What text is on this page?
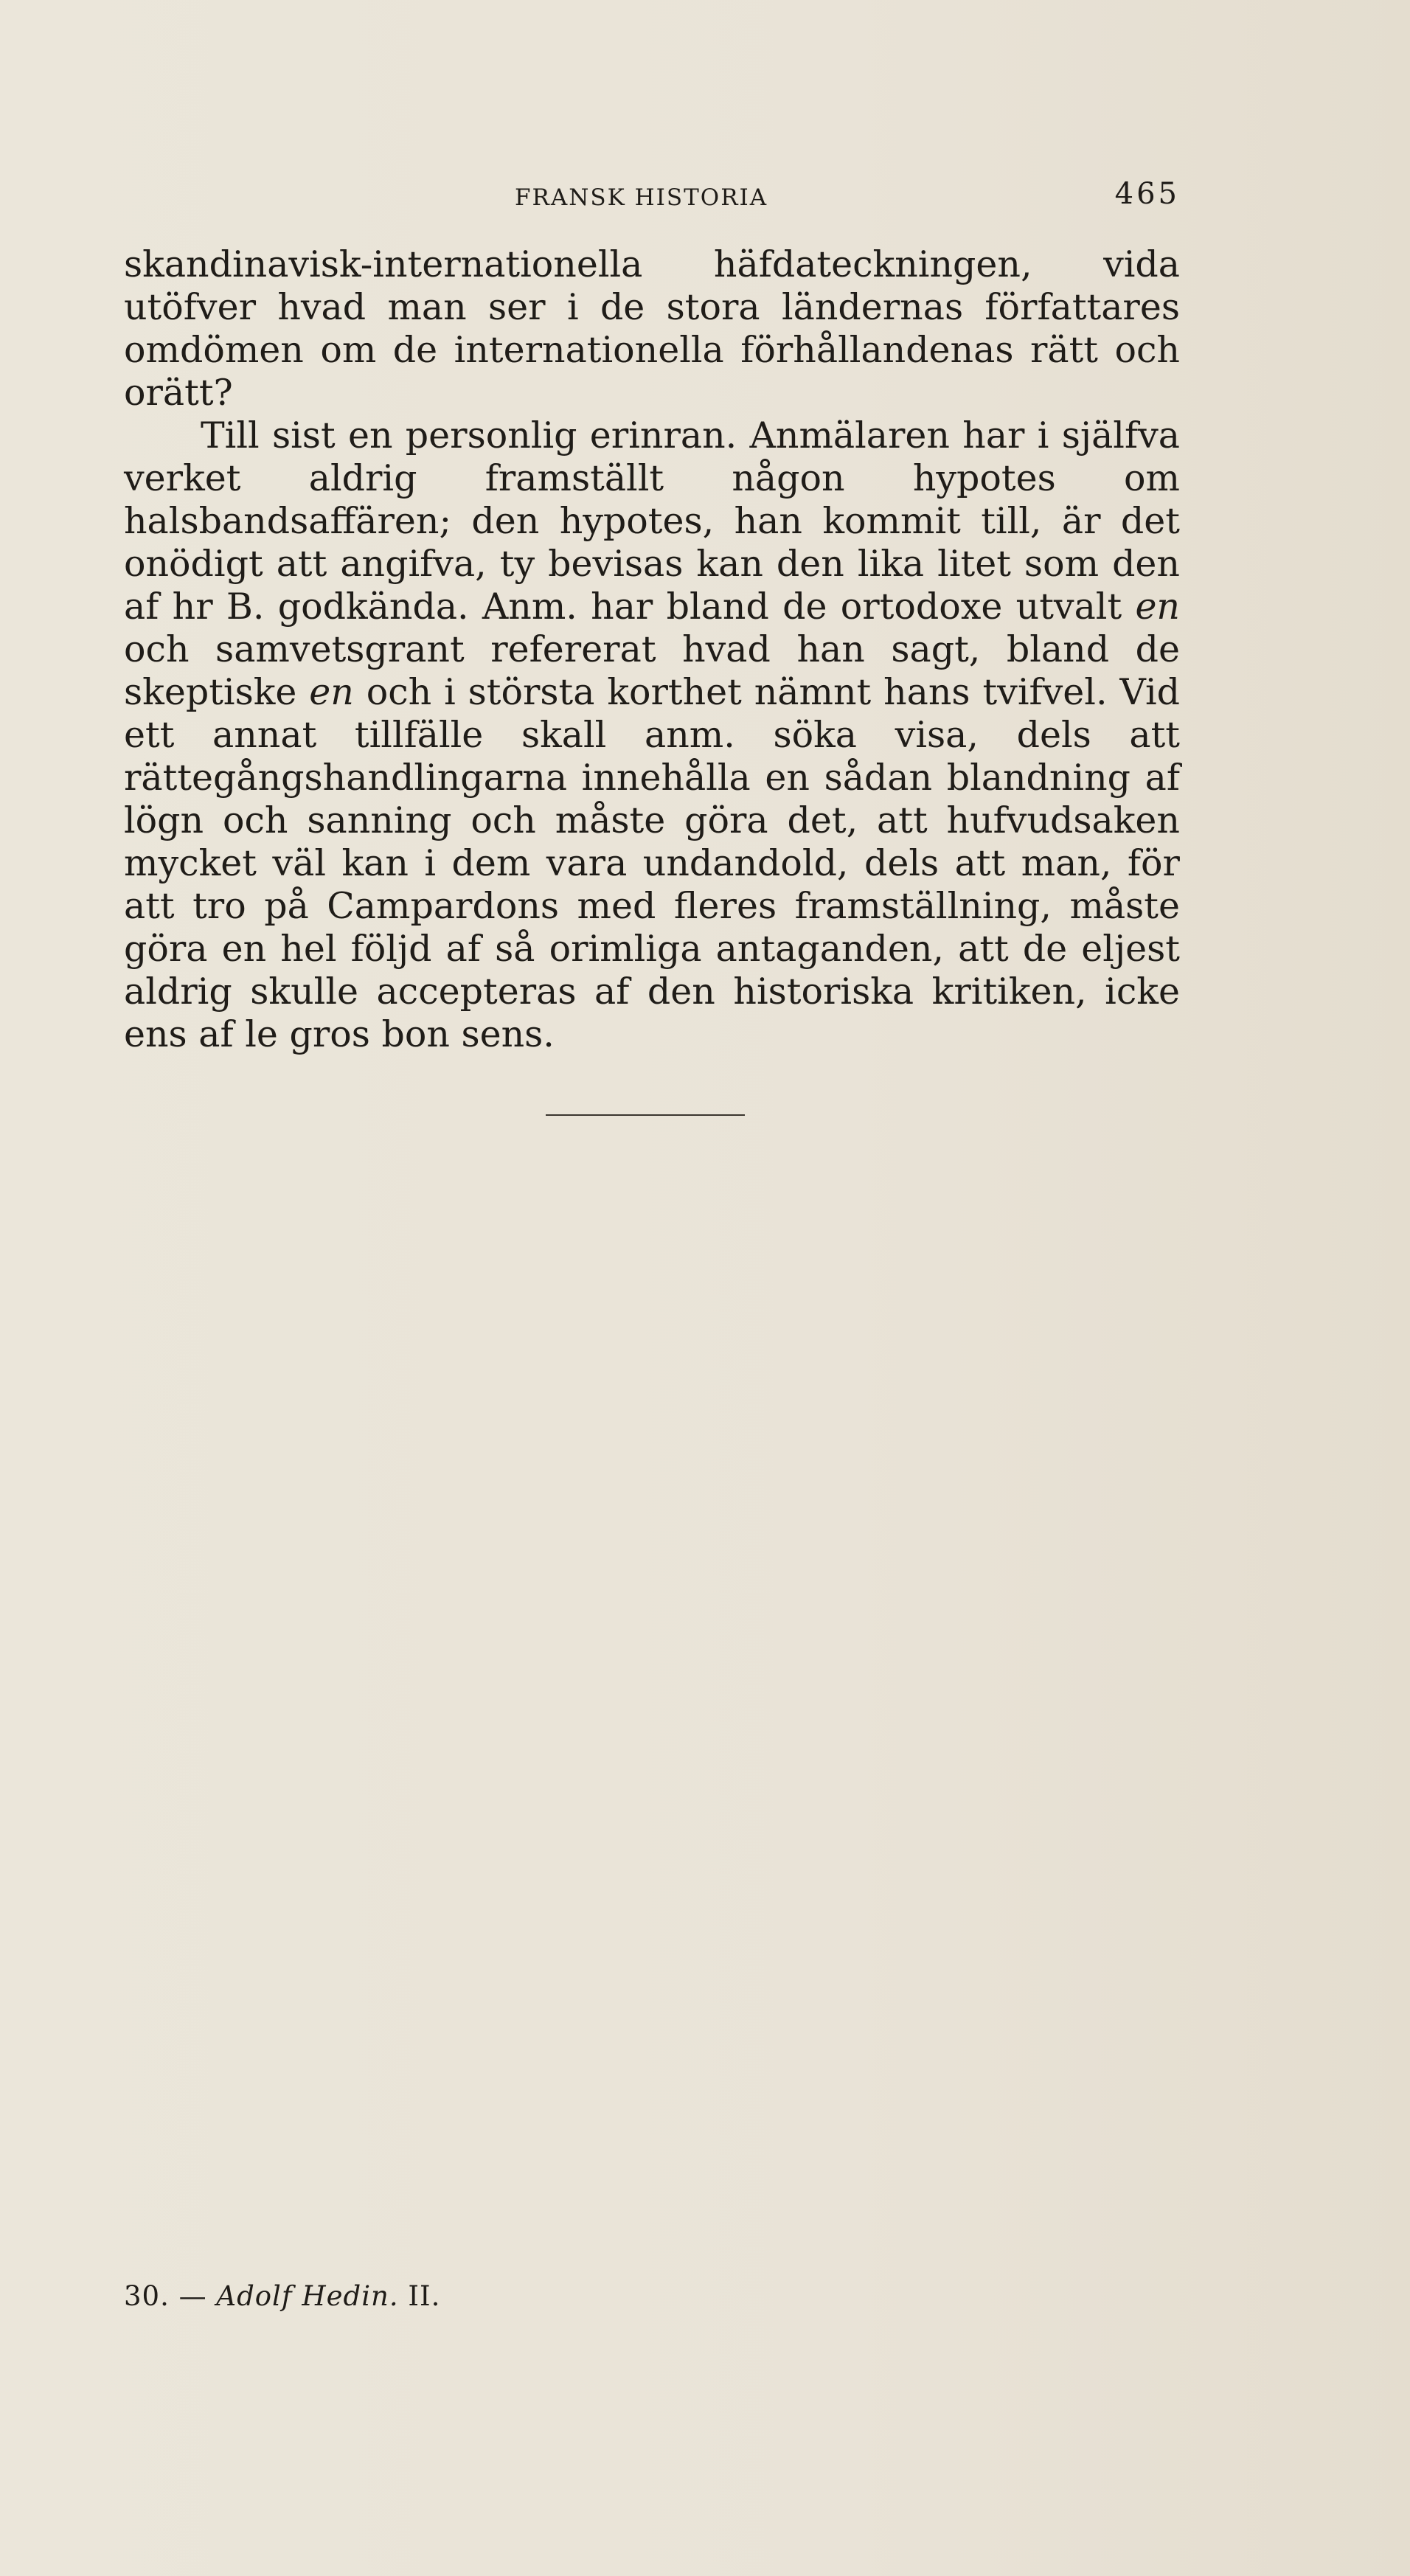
FRANSK HISTORIA	465

skandinavisk-internationella häfdateckningen, vida utöfver hvad man ser i de stora ländernas författares omdömen om de internationella förhållandenas rätt och orätt?

Till sist en personlig erinran. Anmälaren har i själfva verket aldrig framställt någon hypotes om halsbandsaffären; den hypotes, han kommit till, är det onödigt att angifva, ty bevisas kan den lika litet som den af hr B. godkända. Anm. har bland de ortodoxe utvalt en och samvetsgrant refererat hvad han sagt, bland de skeptiske en och i största korthet nämnt hans tvifvel. Vid ett annat tillfälle skall anm. söka visa, dels att rättegångshandlingarna innehålla en sådan blandning af lögn och sanning och måste göra det, att hufvudsaken mycket väl kan i dem vara undandold, dels att man, för att tro på Campardons med fleres framställning, måste göra en hel följd af så orimliga antaganden, att de eljest aldrig skulle accepteras af den historiska kritiken, icke ens af le gros bon sens.

30. — Adolf Hedin. II.
